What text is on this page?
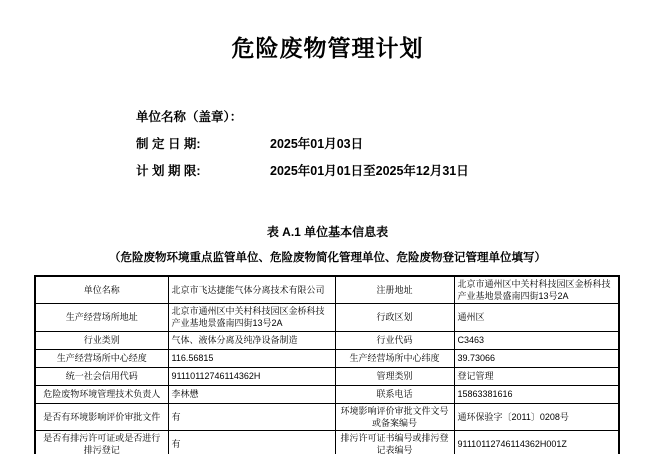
危险废物管理计划
单位名称（盖章）：
制 定 日 期:	2025年01月03日
计 划 期 限:	2025年01月01日至2025年12月31日
表 A.1 单位基本信息表
（危险废物环境重点监管单位、危险废物简化管理单位、危险废物登记管理单位填写）
单位名称	北京市飞达捷能气体分离技术有限公司	注册地址	北京市通州区中关村科技园区金桥科技产业基地景盛南四街13号2A
生产经营场所地址	北京市通州区中关村科技园区金桥科技产业基地景盛南四街13号2A	行政区划	通州区
行业类别	气体、液体分离及纯净设备制造	行业代码	C3463
生产经营场所中心经度	116.56815	生产经营场所中心纬度	39.73066
统一社会信用代码	91110112746114362H	管理类别	登记管理
危险废物环境管理技术负责人	李林懋	联系电话	15863381616
是否有环境影响评价审批文件	有	环境影响评价审批文件文号或备案编号	通环保验字〔2011〕0208号
是否有排污许可证或是否进行排污登记	有	排污许可证书编号或排污登记表编号	91110112746114362H001Z
